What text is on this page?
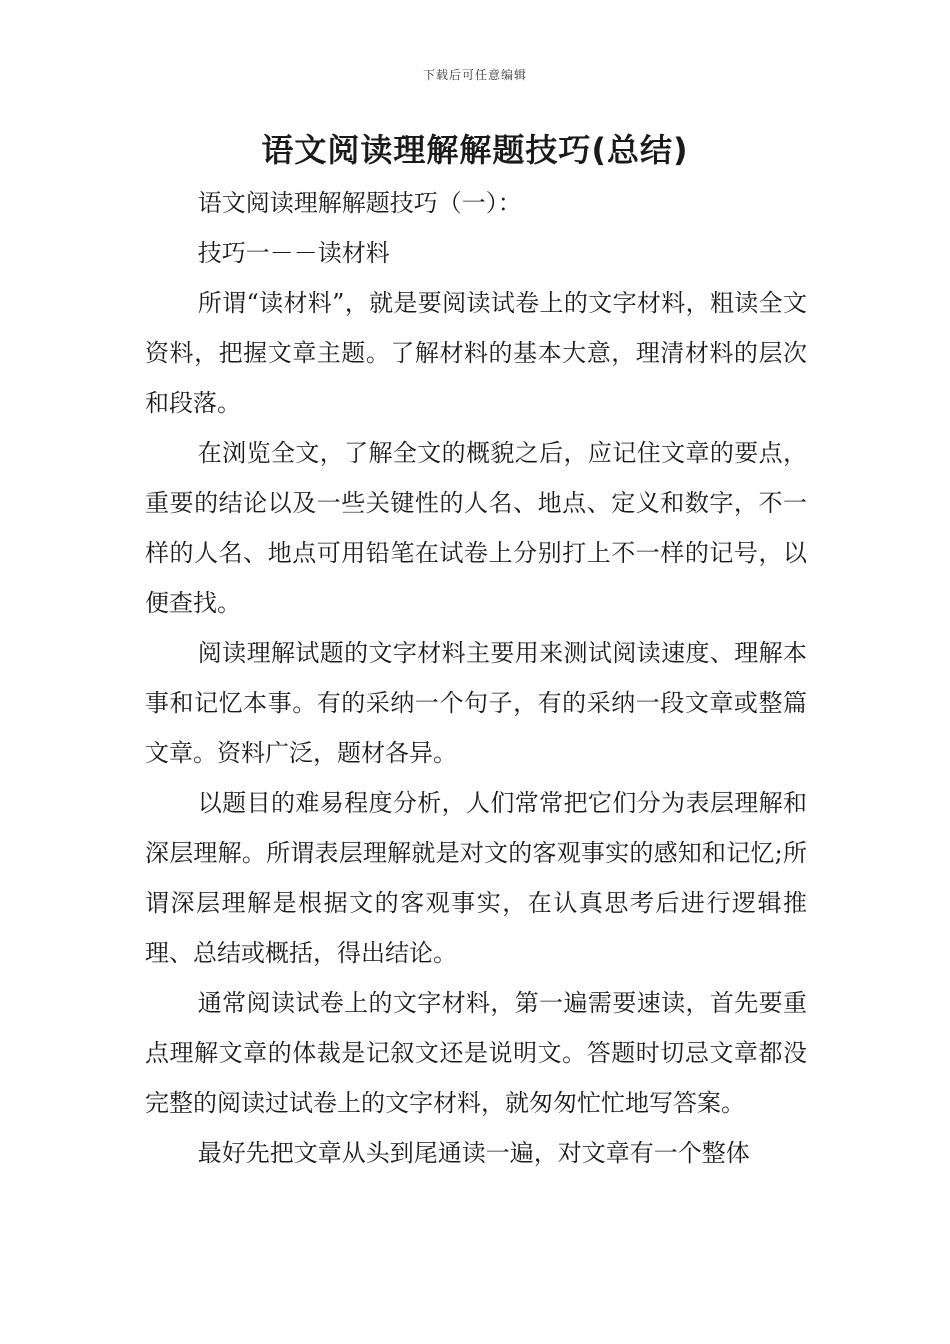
下载后可任意编辑
语文阅读理解解题技巧(总结)

语文阅读理解解题技巧（一）：

技巧一－－读材料

所谓“读材料”，就是要阅读试卷上的文字材料，粗读全文资料，把握文章主题。了解材料的基本大意，理清材料的层次和段落。

在浏览全文，了解全文的概貌之后，应记住文章的要点，重要的结论以及一些关键性的人名、地点、定义和数字，不一样的人名、地点可用铅笔在试卷上分别打上不一样的记号，以便查找。

阅读理解试题的文字材料主要用来测试阅读速度、理解本事和记忆本事。有的采纳一个句子，有的采纳一段文章或整篇文章。资料广泛，题材各异。

以题目的难易程度分析，人们常常把它们分为表层理解和深层理解。所谓表层理解就是对文的客观事实的感知和记忆;所谓深层理解是根据文的客观事实，在认真思考后进行逻辑推理、总结或概括，得出结论。

通常阅读试卷上的文字材料，第一遍需要速读，首先要重点理解文章的体裁是记叙文还是说明文。答题时切忌文章都没完整的阅读过试卷上的文字材料，就匆匆忙忙地写答案。

最好先把文章从头到尾通读一遍，对文章有一个整体
